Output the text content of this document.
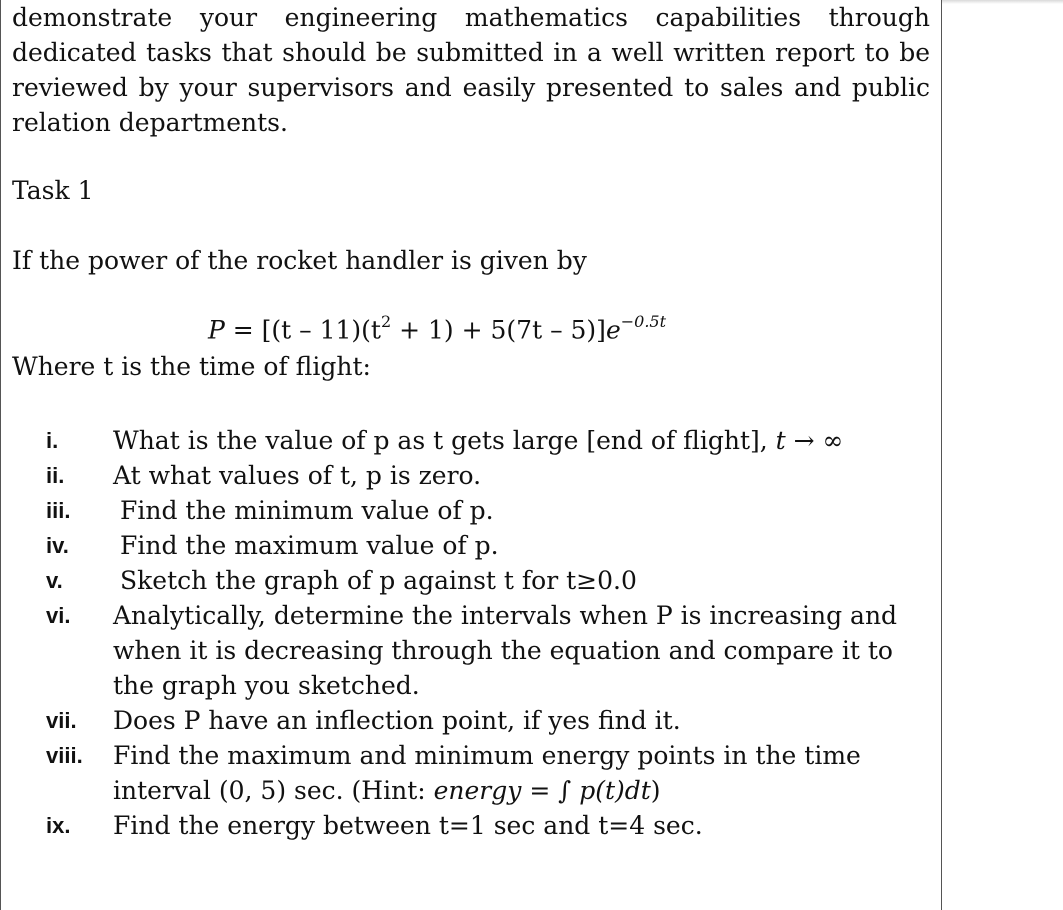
demonstrate your engineering mathematics capabilities through
dedicated tasks that should be submitted in a well written report to be
reviewed by your supervisors and easily presented to sales and public
relation departments.

Task 1

If the power of the rocket handler is given by

$P = [(t - 11)(t^2 + 1) + 5(7t - 5)]e^{-0.5t}$

Where t is the time of flight:

i. What is the value of p as t gets large [end of flight], t → ∞
ii. At what values of t, p is zero.
iii. Find the minimum value of p.
iv. Find the maximum value of p.
v. Sketch the graph of p against t for t≥0.0
vi. Analytically, determine the intervals when P is increasing and when it is decreasing through the equation and compare it to the graph you sketched.
vii. Does P have an inflection point, if yes find it.
viii. Find the maximum and minimum energy points in the time interval (0, 5) sec. (Hint: energy = ∫ p(t)dt)
ix. Find the energy between t=1 sec and t=4 sec.
